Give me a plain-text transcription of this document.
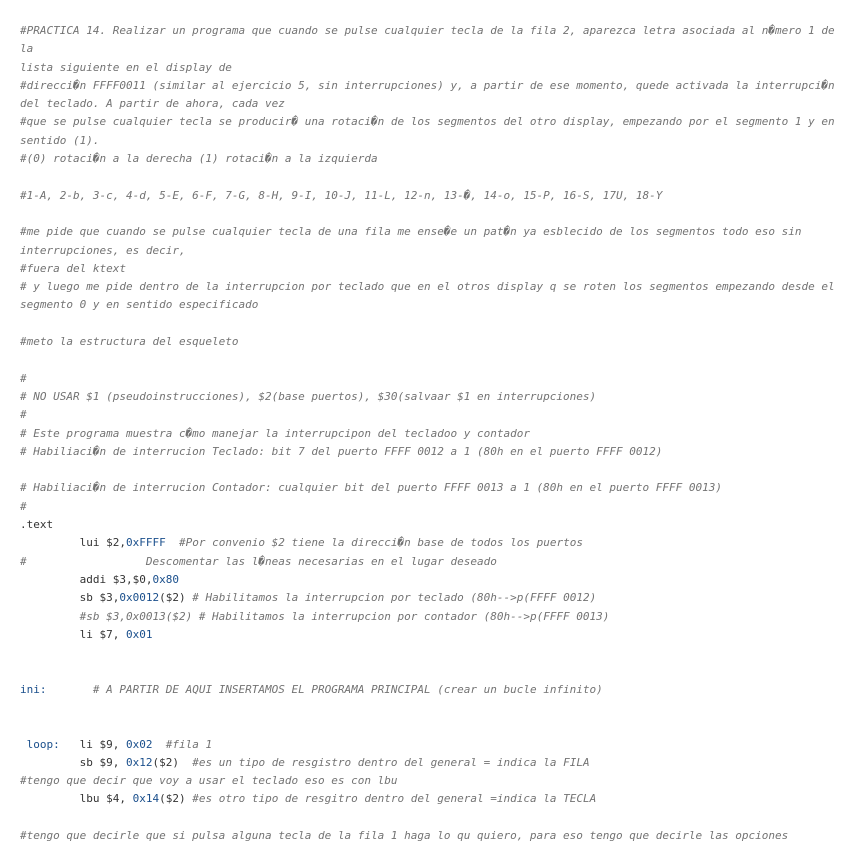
#PRACTICA 14. Realizar un programa que cuando se pulse cualquier tecla de la fila 2, aparezca letra asociada al n�mero 1 de la
lista siguiente en el display de
#direcci�n FFFF0011 (similar al ejercicio 5, sin interrupciones) y, a partir de ese momento, quede activada la interrupci�n
del teclado. A partir de ahora, cada vez
#que se pulse cualquier tecla se producir� una rotaci�n de los segmentos del otro display, empezando por el segmento 1 y en
sentido (1).
#(0) rotaci�n a la derecha (1) rotaci�n a la izquierda
#1-A, 2-b, 3-c, 4-d, 5-E, 6-F, 7-G, 8-H, 9-I, 10-J, 11-L, 12-n, 13-�, 14-o, 15-P, 16-S, 17U, 18-Y
#me pide que cuando se pulse cualquier tecla de una fila me ense�e un pat�n ya esblecido de los segmentos todo eso sin
interrupciones, es decir,
#fuera del ktext
# y luego me pide dentro de la interrupcion por teclado que en el otros display q se roten los segmentos empezando desde el
segmento 0 y en sentido especificado
#meto la estructura del esqueleto
#
# NO USAR $1 (pseudoinstrucciones), $2(base puertos), $30(salvaar $1 en interrupciones)
#
# Este programa muestra c�mo manejar la interrupcipon del tecladoo y contador
# Habiliaci�n de interrucion Teclado: bit 7 del puerto FFFF 0012 a 1 (80h en el puerto FFFF 0012)
# Habiliaci�n de interrucion Contador: cualquier bit del puerto FFFF 0013 a 1 (80h en el puerto FFFF 0013)
#
.text
lui $2,0xFFFF  #Por convenio $2 tiene la direcci�n base de todos los puertos
#                  Descomentar las l�neas necesarias en el lugar deseado
addi $3,$0,0x80
sb $3,0x0012($2) # Habilitamos la interrupcion por teclado (80h-->p(FFFF 0012)
#sb $3,0x0013($2) # Habilitamos la interrupcion por contador (80h-->p(FFFF 0013)
li $7, 0x01
ini:	# A PARTIR DE AQUI INSERTAMOS EL PROGRAMA PRINCIPAL (crear un bucle infinito)
loop:   li $9, 0x02 #fila 1
sb $9, 0x12($2)  #es un tipo de resgistro dentro del general = indica la FILA
#tengo que decir que voy a usar el teclado eso es con lbu
lbu $4, 0x14($2) #es otro tipo de resgitro dentro del general =indica la TECLA
#tengo que decirle que si pulsa alguna tecla de la fila 1 haga lo qu quiero, para eso tengo que decirle las opciones
